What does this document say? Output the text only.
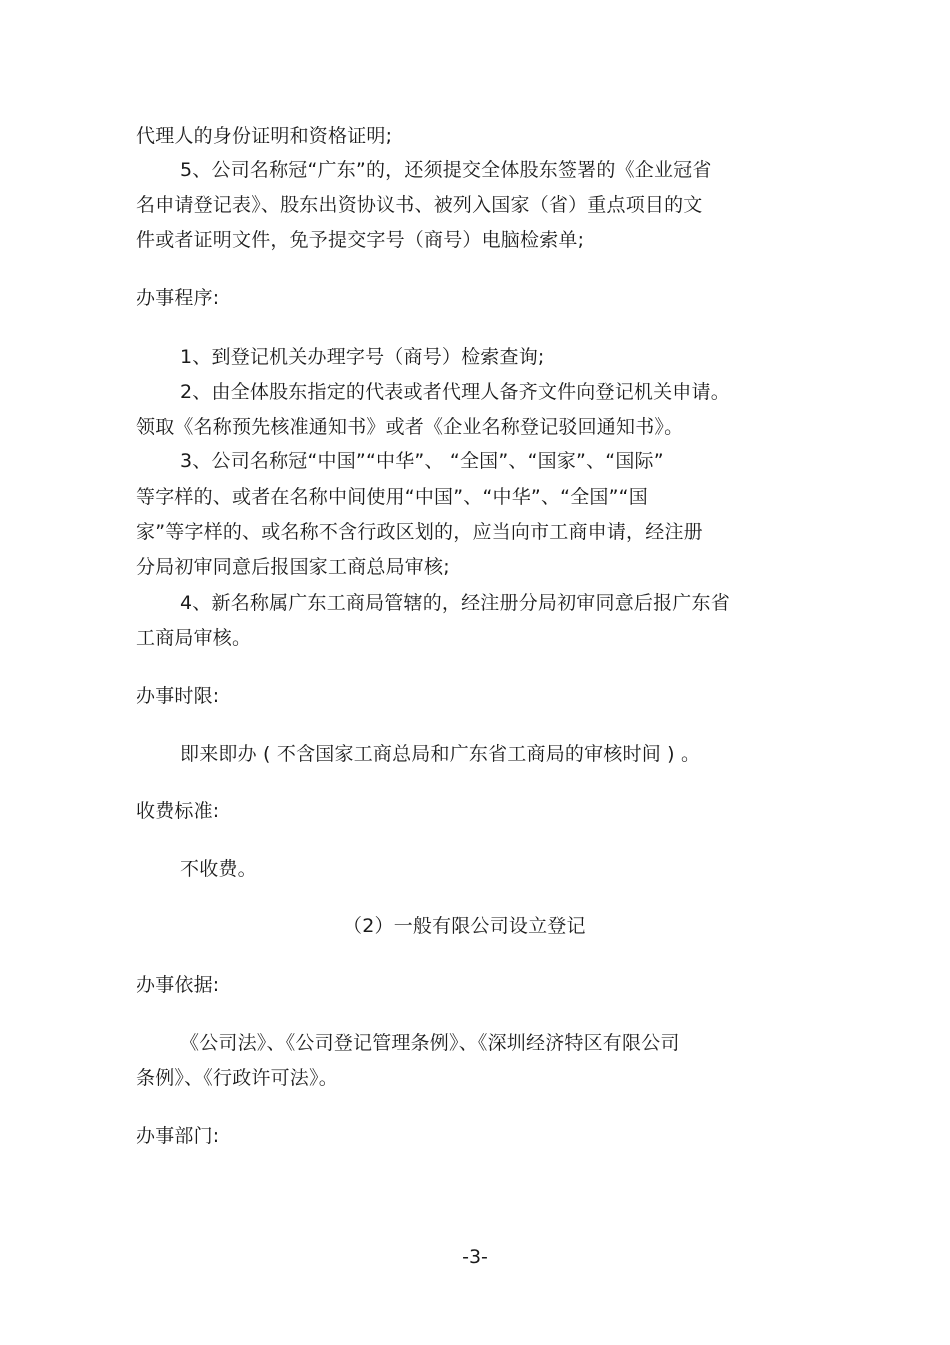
代理人的身份证明和资格证明;
5、公司名称冠“广东”的，还须提交全体股东签署的《企业冠省
名申请登记表》、股东出资协议书、被列入国家（省）重点项目的文
件或者证明文件，免予提交字号（商号）电脑检索单;
办事程序:
1、到登记机关办理字号（商号）检索查询;
2、由全体股东指定的代表或者代理人备齐文件向登记机关申请。
领取《名称预先核准通知书》或者《企业名称登记驳回通知书》。
3、公司名称冠“中国”“中华”、 “全国”、“国家”、“国际”
等字样的、或者在名称中间使用“中国”、“中华”、“全国”“国
家”等字样的、或名称不含行政区划的，应当向市工商申请，经注册
分局初审同意后报国家工商总局审核;
4、新名称属广东工商局管辖的，经注册分局初审同意后报广东省
工商局审核。
办事时限:
即来即办 ( 不含国家工商总局和广东省工商局的审核时间 ) 。
收费标准:
不收费。
（2）一般有限公司设立登记
办事依据:
《公司法》、《公司登记管理条例》、《深圳经济特区有限公司
条例》、《行政许可法》。
办事部门:
-3-
